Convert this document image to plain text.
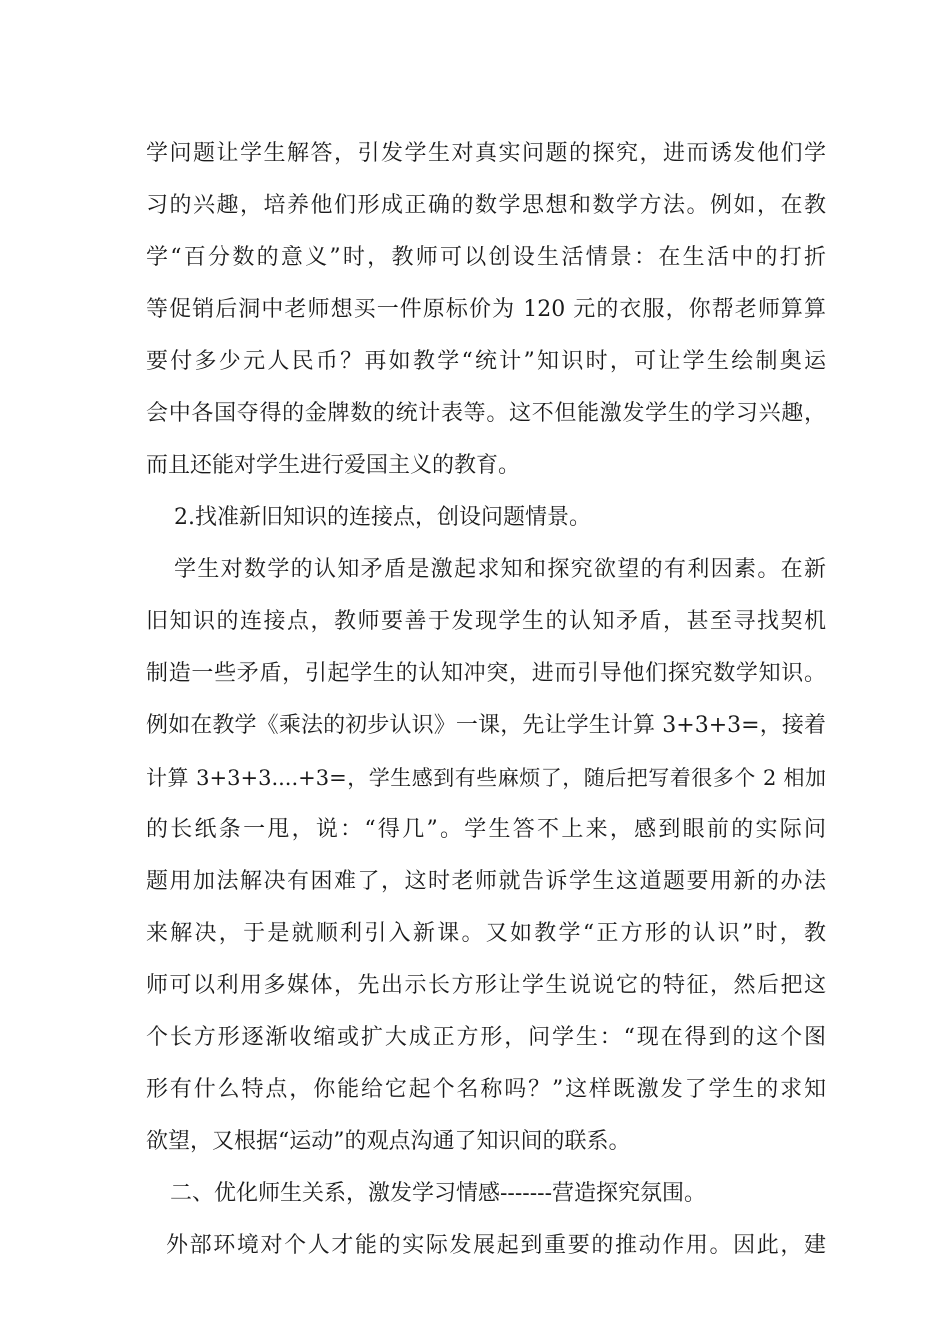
学问题让学生解答，引发学生对真实问题的探究，进而诱发他们学
习的兴趣，培养他们形成正确的数学思想和数学方法。例如，在教
学“百分数的意义”时，教师可以创设生活情景：在生活中的打折
等促销后洞中老师想买一件原标价为 120 元的衣服，你帮老师算算
要付多少元人民币？再如教学“统计”知识时，可让学生绘制奥运
会中各国夺得的金牌数的统计表等。这不但能激发学生的学习兴趣，
而且还能对学生进行爱国主义的教育。
2.找准新旧知识的连接点，创设问题情景。
学生对数学的认知矛盾是激起求知和探究欲望的有利因素。在新
旧知识的连接点，教师要善于发现学生的认知矛盾，甚至寻找契机
制造一些矛盾，引起学生的认知冲突，进而引导他们探究数学知识。
例如在教学《乘法的初步认识》一课，先让学生计算 3+3+3=，接着
计算 3+3+3....+3=，学生感到有些麻烦了，随后把写着很多个 2 相加
的长纸条一甩，说：“得几”。学生答不上来，感到眼前的实际问
题用加法解决有困难了，这时老师就告诉学生这道题要用新的办法
来解决，于是就顺利引入新课。又如教学“正方形的认识”时，教
师可以利用多媒体，先出示长方形让学生说说它的特征，然后把这
个长方形逐渐收缩或扩大成正方形，问学生：“现在得到的这个图
形有什么特点，你能给它起个名称吗？”这样既激发了学生的求知
欲望，又根据“运动”的观点沟通了知识间的联系。
二、优化师生关系，激发学习情感-------营造探究氛围。
外部环境对个人才能的实际发展起到重要的推动作用。因此，建
